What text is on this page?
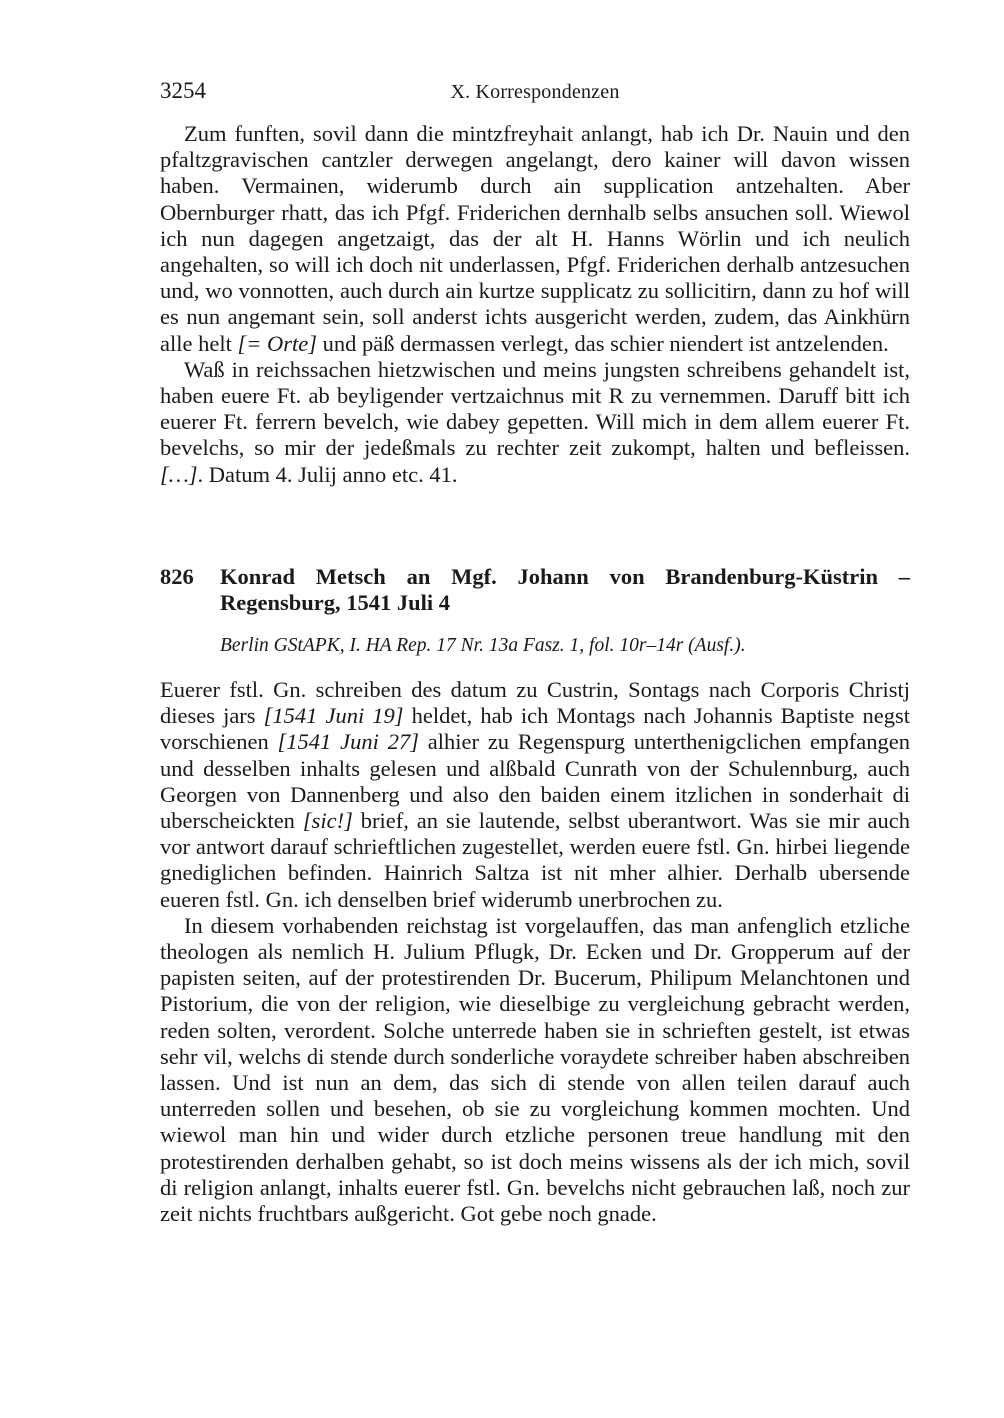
3254	X. Korrespondenzen

Zum funften, sovil dann die mintzfreyhait anlangt, hab ich Dr. Nauin und den pfaltzgravischen cantzler derwegen angelangt, dero kainer will davon wissen haben. Vermainen, widerumb durch ain supplication antzehalten. Aber Obernburger rhatt, das ich Pfgf. Friderichen dernhalb selbs ansuchen soll. Wiewol ich nun dagegen angetzaigt, das der alt H. Hanns Wörlin und ich neulich angehalten, so will ich doch nit underlassen, Pfgf. Friderichen derhalb antzesuchen und, wo vonnotten, auch durch ain kurtze supplicatz zu sollicitirn, dann zu hof will es nun angemant sein, soll anderst ichts ausgericht werden, zudem, das Ainkhürn alle helt [= Orte] und päß dermassen verlegt, das schier niendert ist antzelenden.

Waß in reichssachen hietzwischen und meins jungsten schreibens gehandelt ist, haben euere Ft. ab beyligender vertzaichnus mit R zu vernemmen. Daruff bitt ich euerer Ft. ferrern bevelch, wie dabey gepetten. Will mich in dem allem euerer Ft. bevelchs, so mir der jedeßmals zu rechter zeit zukompt, halten und befleissen. […]. Datum 4. Julij anno etc. 41.

826 Konrad Metsch an Mgf. Johann von Brandenburg-Küstrin – Regensburg, 1541 Juli 4
Berlin GStAPK, I. HA Rep. 17 Nr. 13a Fasz. 1, fol. 10r–14r (Ausf.).

Euerer fstl. Gn. schreiben des datum zu Custrin, Sontags nach Corporis Christj dieses jars [1541 Juni 19] heldet, hab ich Montags nach Johannis Baptiste negst vorschienen [1541 Juni 27] alhier zu Regenspurg unterthenigclichen empfangen und desselben inhalts gelesen und alßbald Cunrath von der Schulennburg, auch Georgen von Dannenberg und also den baiden einem itzlichen in sonderhait di uberscheickten [sic!] brief, an sie lautende, selbst uberantwort. Was sie mir auch vor antwort darauf schrieftlichen zugestellet, werden euere fstl. Gn. hirbei liegende gnediglichen befinden. Hainrich Saltza ist nit mher alhier. Derhalb ubersende eueren fstl. Gn. ich denselben brief widerumb unerbrochen zu.

In diesem vorhabenden reichstag ist vorgelauffen, das man anfenglich etzliche theologen als nemlich H. Julium Pflugk, Dr. Ecken und Dr. Gropperum auf der papisten seiten, auf der protestirenden Dr. Bucerum, Philipum Melanchtonen und Pistorium, die von der religion, wie dieselbige zu vergleichung gebracht werden, reden solten, verordent. Solche unterrede haben sie in schrieften gestelt, ist etwas sehr vil, welchs di stende durch sonderliche voraydete schreiber haben abschreiben lassen. Und ist nun an dem, das sich di stende von allen teilen darauf auch unterreden sollen und besehen, ob sie zu vorgleichung kommen mochten. Und wiewol man hin und wider durch etzliche personen treue handlung mit den protestirenden derhalben gehabt, so ist doch meins wissens als der ich mich, sovil di religion anlangt, inhalts euerer fstl. Gn. bevelchs nicht gebrauchen laß, noch zur zeit nichts fruchtbars außgericht. Got gebe noch gnade.
